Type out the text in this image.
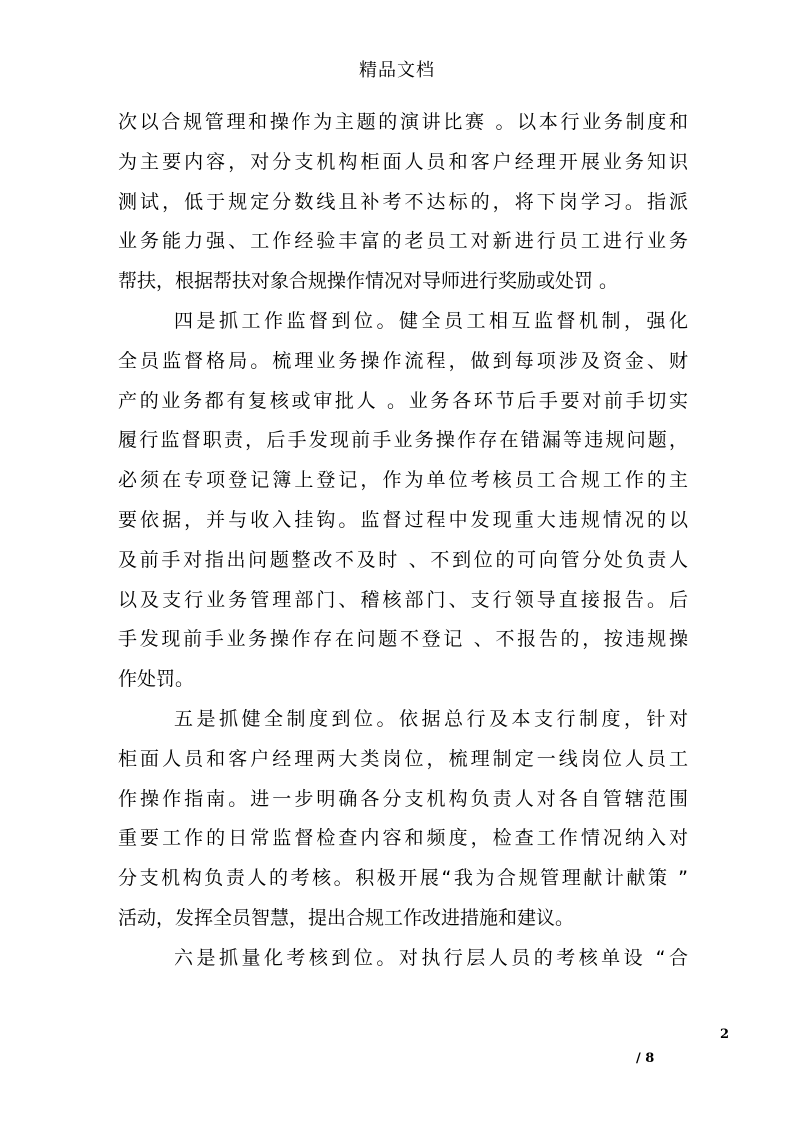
精品文档
次以合规管理和操作为主题的演讲比赛 。以本行业务制度和
为主要内容，对分支机构柜面人员和客户经理开展业务知识
测试，低于规定分数线且补考不达标的，将下岗学习。指派
业务能力强、工作经验丰富的老员工对新进行员工进行业务
帮扶，根据帮扶对象合规操作情况对导师进行奖励或处罚 。
四是抓工作监督到位。健全员工相互监督机制，强化
全员监督格局。梳理业务操作流程，做到每项涉及资金、财
产的业务都有复核或审批人 。业务各环节后手要对前手切实
履行监督职责，后手发现前手业务操作存在错漏等违规问题，
必须在专项登记簿上登记，作为单位考核员工合规工作的主
要依据，并与收入挂钩。监督过程中发现重大违规情况的以
及前手对指出问题整改不及时 、不到位的可向管分处负责人
以及支行业务管理部门、稽核部门、支行领导直接报告。后
手发现前手业务操作存在问题不登记 、不报告的，按违规操
作处罚。
五是抓健全制度到位。依据总行及本支行制度，针对
柜面人员和客户经理两大类岗位，梳理制定一线岗位人员工
作操作指南。进一步明确各分支机构负责人对各自管辖范围
重要工作的日常监督检查内容和频度，检查工作情况纳入对
分支机构负责人的考核。积极开展“我为合规管理献计献策 ”
活动，发挥全员智慧，提出合规工作改进措施和建议。
六是抓量化考核到位。对执行层人员的考核单设 “合
2
/ 8
